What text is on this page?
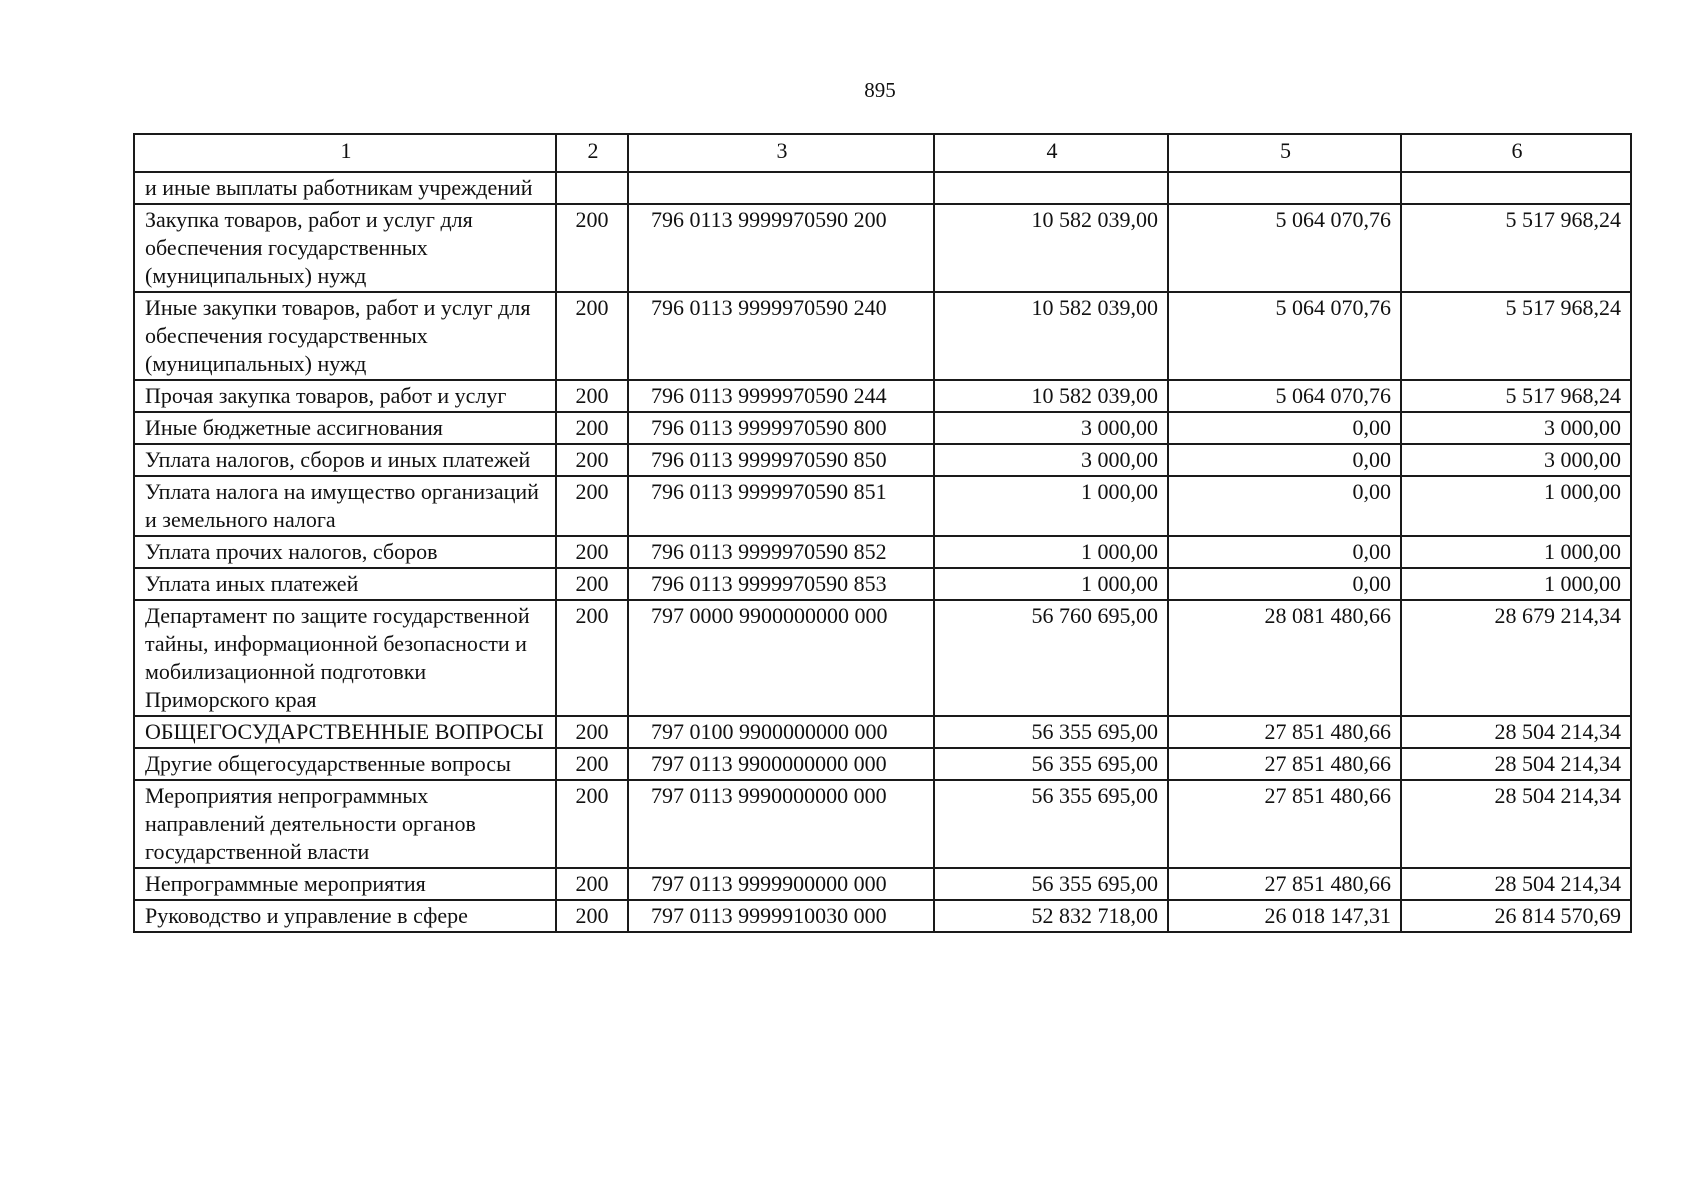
895
1	2	3	4	5	6
и иные выплаты работникам учреждений					
Закупка товаров, работ и услуг для обеспечения государственных (муниципальных) нужд	200	796 0113 9999970590 200	10 582 039,00	5 064 070,76	5 517 968,24
Иные закупки товаров, работ и услуг для обеспечения государственных (муниципальных) нужд	200	796 0113 9999970590 240	10 582 039,00	5 064 070,76	5 517 968,24
Прочая закупка товаров, работ и услуг	200	796 0113 9999970590 244	10 582 039,00	5 064 070,76	5 517 968,24
Иные бюджетные ассигнования	200	796 0113 9999970590 800	3 000,00	0,00	3 000,00
Уплата налогов, сборов и иных платежей	200	796 0113 9999970590 850	3 000,00	0,00	3 000,00
Уплата налога на имущество организаций и земельного налога	200	796 0113 9999970590 851	1 000,00	0,00	1 000,00
Уплата прочих налогов, сборов	200	796 0113 9999970590 852	1 000,00	0,00	1 000,00
Уплата иных платежей	200	796 0113 9999970590 853	1 000,00	0,00	1 000,00
Департамент по защите государственной тайны, информационной безопасности и мобилизационной подготовки Приморского края	200	797 0000 9900000000 000	56 760 695,00	28 081 480,66	28 679 214,34
ОБЩЕГОСУДАРСТВЕННЫЕ ВОПРОСЫ	200	797 0100 9900000000 000	56 355 695,00	27 851 480,66	28 504 214,34
Другие общегосударственные вопросы	200	797 0113 9900000000 000	56 355 695,00	27 851 480,66	28 504 214,34
Мероприятия непрограммных направлений деятельности органов государственной власти	200	797 0113 9990000000 000	56 355 695,00	27 851 480,66	28 504 214,34
Непрограммные мероприятия	200	797 0113 9999900000 000	56 355 695,00	27 851 480,66	28 504 214,34
Руководство и управление в сфере	200	797 0113 9999910030 000	52 832 718,00	26 018 147,31	26 814 570,69
